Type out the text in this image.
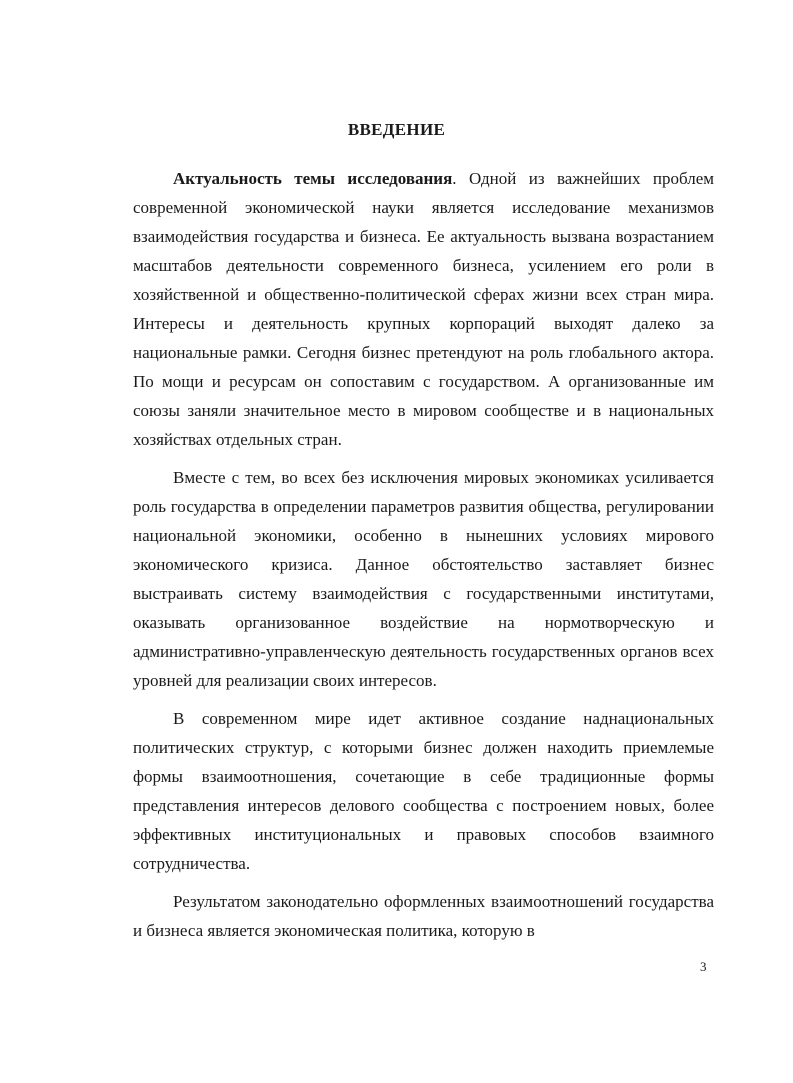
ВВЕДЕНИЕ

Актуальность темы исследования. Одной из важнейших проблем современной экономической науки является исследование механизмов взаимодействия государства и бизнеса. Ее актуальность вызвана возрастанием масштабов деятельности современного бизнеса, усилением его роли в хозяйственной и общественно-политической сферах жизни всех стран мира. Интересы и деятельность крупных корпораций выходят далеко за национальные рамки. Сегодня бизнес претендуют на роль глобального актора. По мощи и ресурсам он сопоставим с государством. А организованные им союзы заняли значительное место в мировом сообществе и в национальных хозяйствах отдельных стран.

Вместе с тем, во всех без исключения мировых экономиках усиливается роль государства в определении параметров развития общества, регулировании национальной экономики, особенно в нынешних условиях мирового экономического кризиса. Данное обстоятельство заставляет бизнес выстраивать систему взаимодействия с государственными институтами, оказывать организованное воздействие на нормотворческую и административно-управленческую деятельность государственных органов всех уровней для реализации своих интересов.

В современном мире идет активное создание наднациональных политических структур, с которыми бизнес должен находить приемлемые формы взаимоотношения, сочетающие в себе традиционные формы представления интересов делового сообщества с построением новых, более эффективных институциональных и правовых способов взаимного сотрудничества.

Результатом законодательно оформленных взаимоотношений государства и бизнеса является экономическая политика, которую в

3
